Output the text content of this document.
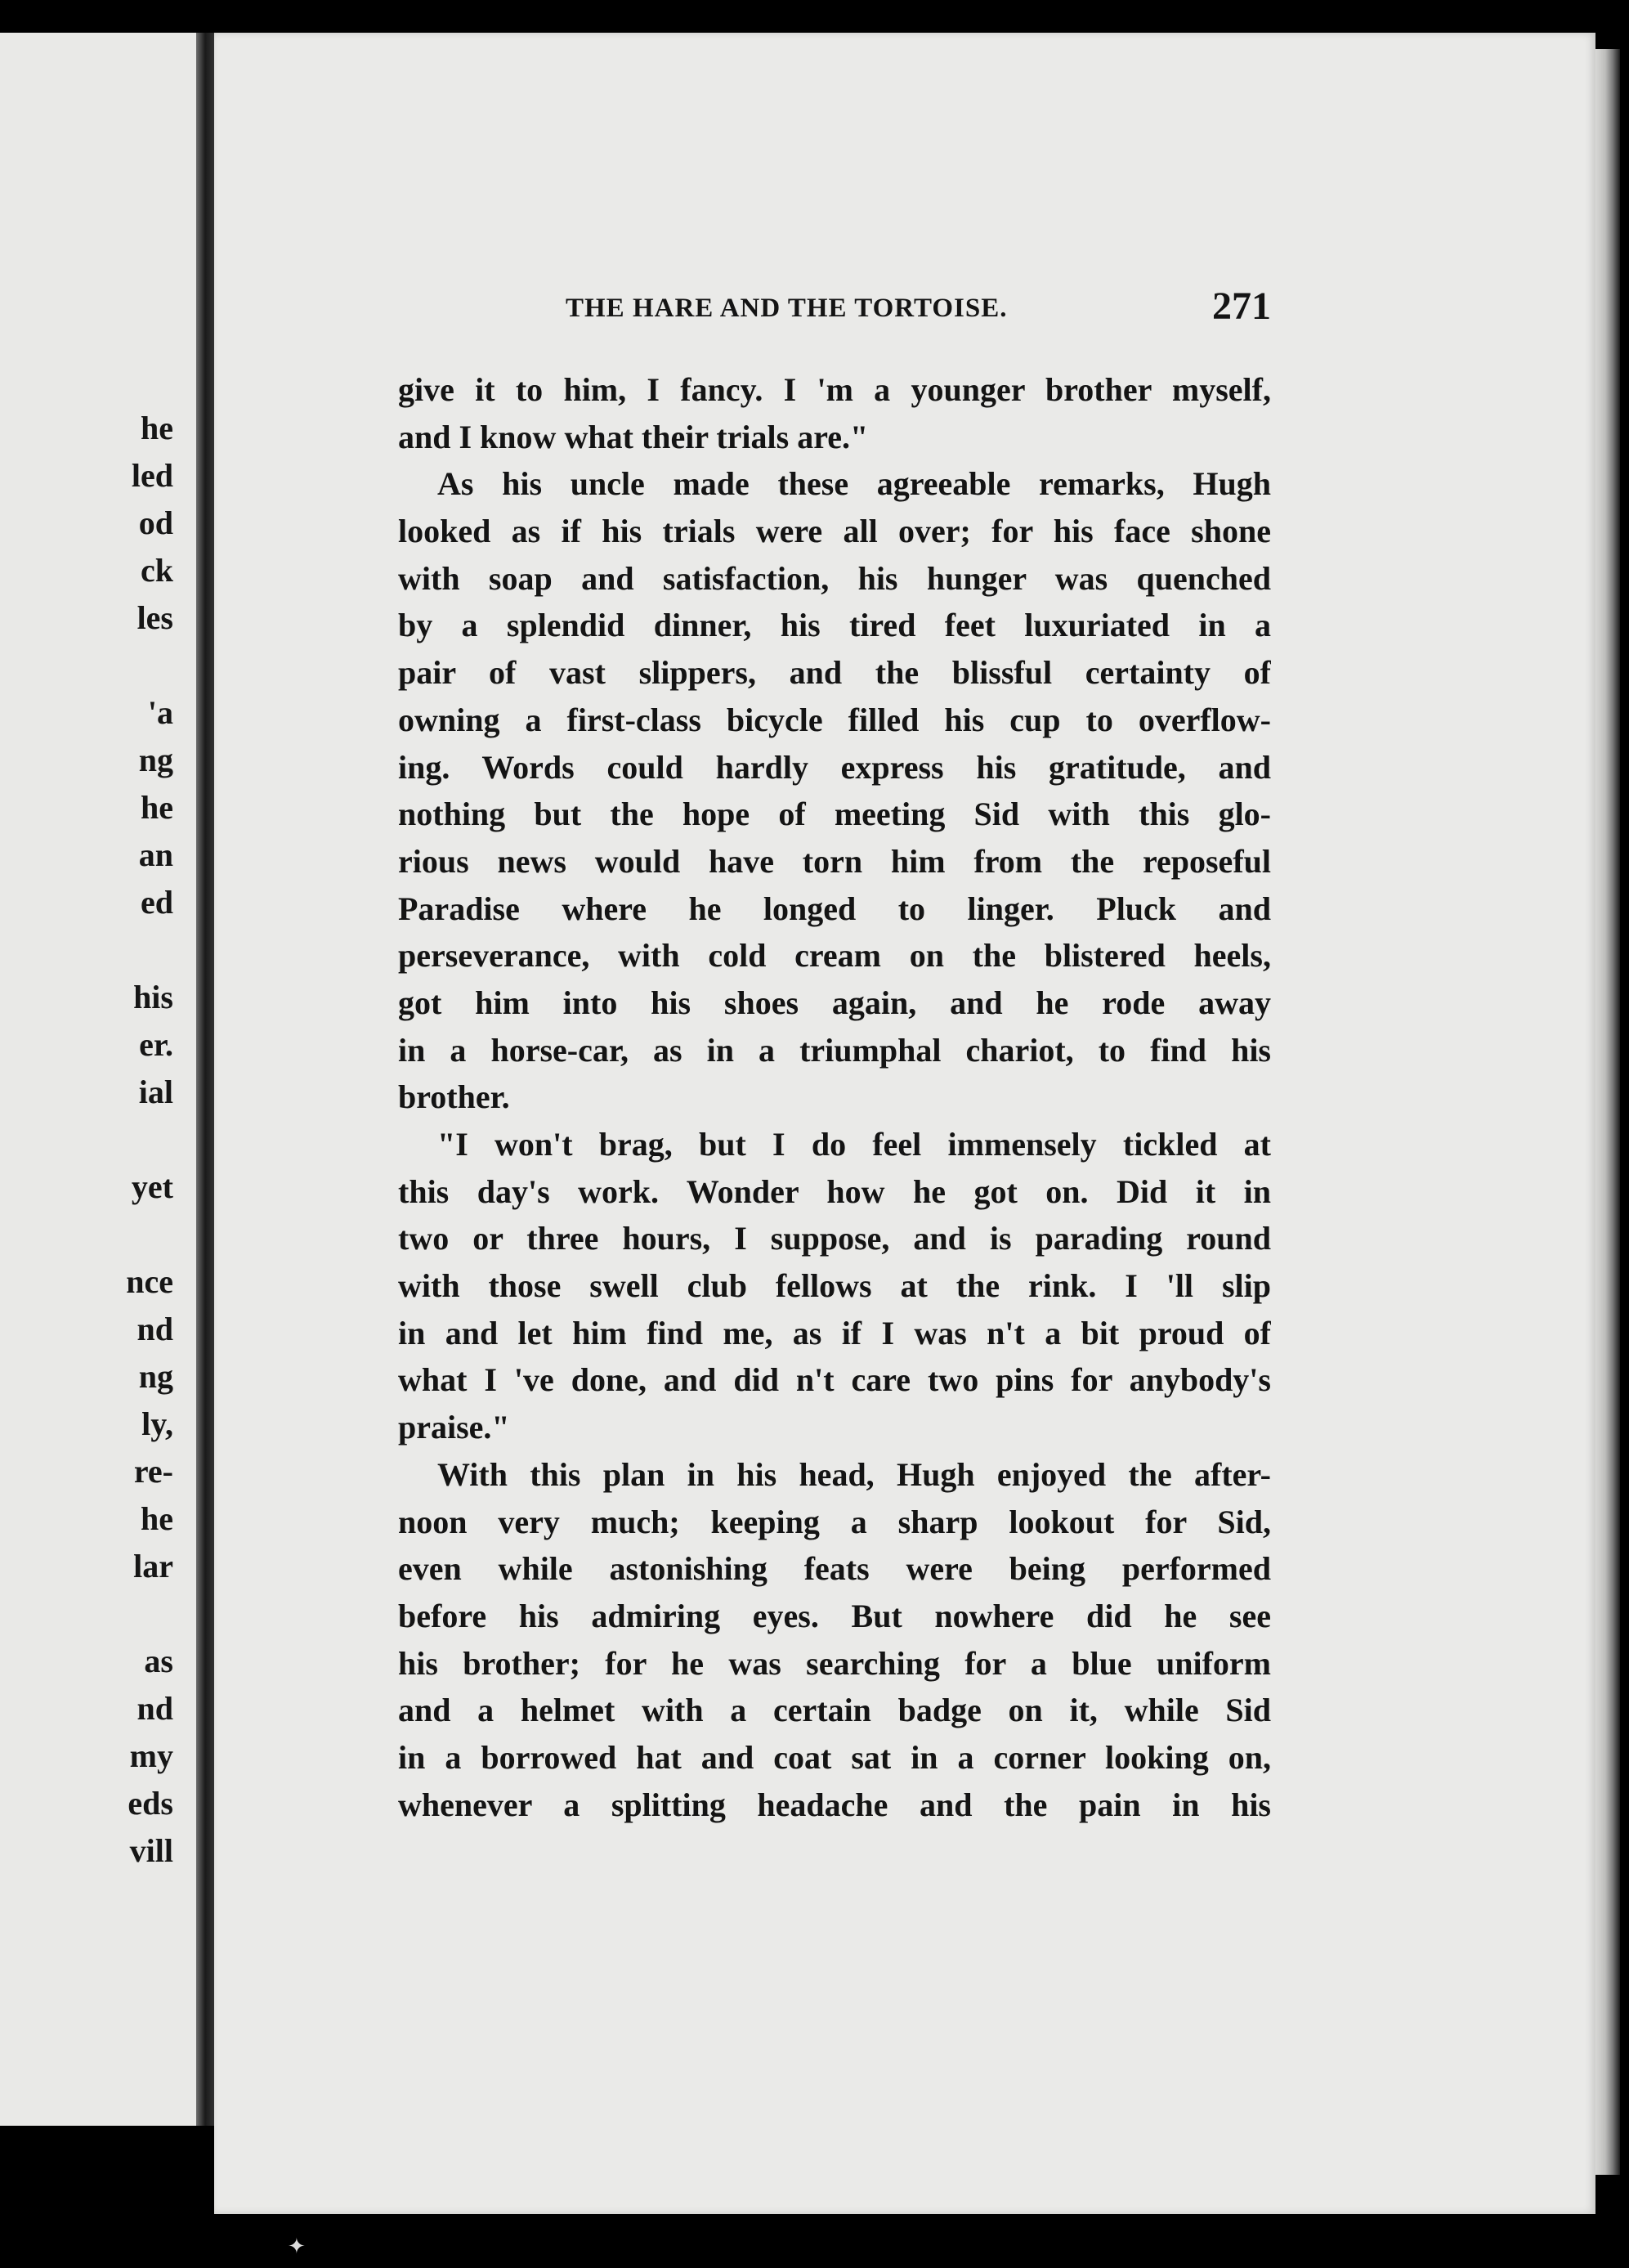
he
led
od
ck
les
'a
ng
he
an
ed
his
er.
ial
yet
nce
nd
ng
ly,
re-
he
lar
as
nd
my
eds
vill
THE HARE AND THE TORTOISE.	271
give it to him, I fancy. I 'm a younger brother myself,
and I know what their trials are."
As his uncle made these agreeable remarks, Hugh
looked as if his trials were all over; for his face shone
with soap and satisfaction, his hunger was quenched
by a splendid dinner, his tired feet luxuriated in a
pair of vast slippers, and the blissful certainty of
owning a first-class bicycle filled his cup to overflow-
ing. Words could hardly express his gratitude, and
nothing but the hope of meeting Sid with this glo-
rious news would have torn him from the reposeful
Paradise where he longed to linger. Pluck and
perseverance, with cold cream on the blistered heels,
got him into his shoes again, and he rode away
in a horse-car, as in a triumphal chariot, to find his
brother.
"I won't brag, but I do feel immensely tickled at
this day's work. Wonder how he got on. Did it in
two or three hours, I suppose, and is parading round
with those swell club fellows at the rink. I 'll slip
in and let him find me, as if I was n't a bit proud of
what I 've done, and did n't care two pins for anybody's
praise."
With this plan in his head, Hugh enjoyed the after-
noon very much; keeping a sharp lookout for Sid,
even while astonishing feats were being performed
before his admiring eyes. But nowhere did he see
his brother; for he was searching for a blue uniform
and a helmet with a certain badge on it, while Sid
in a borrowed hat and coat sat in a corner looking on,
whenever a splitting headache and the pain in his
✦
